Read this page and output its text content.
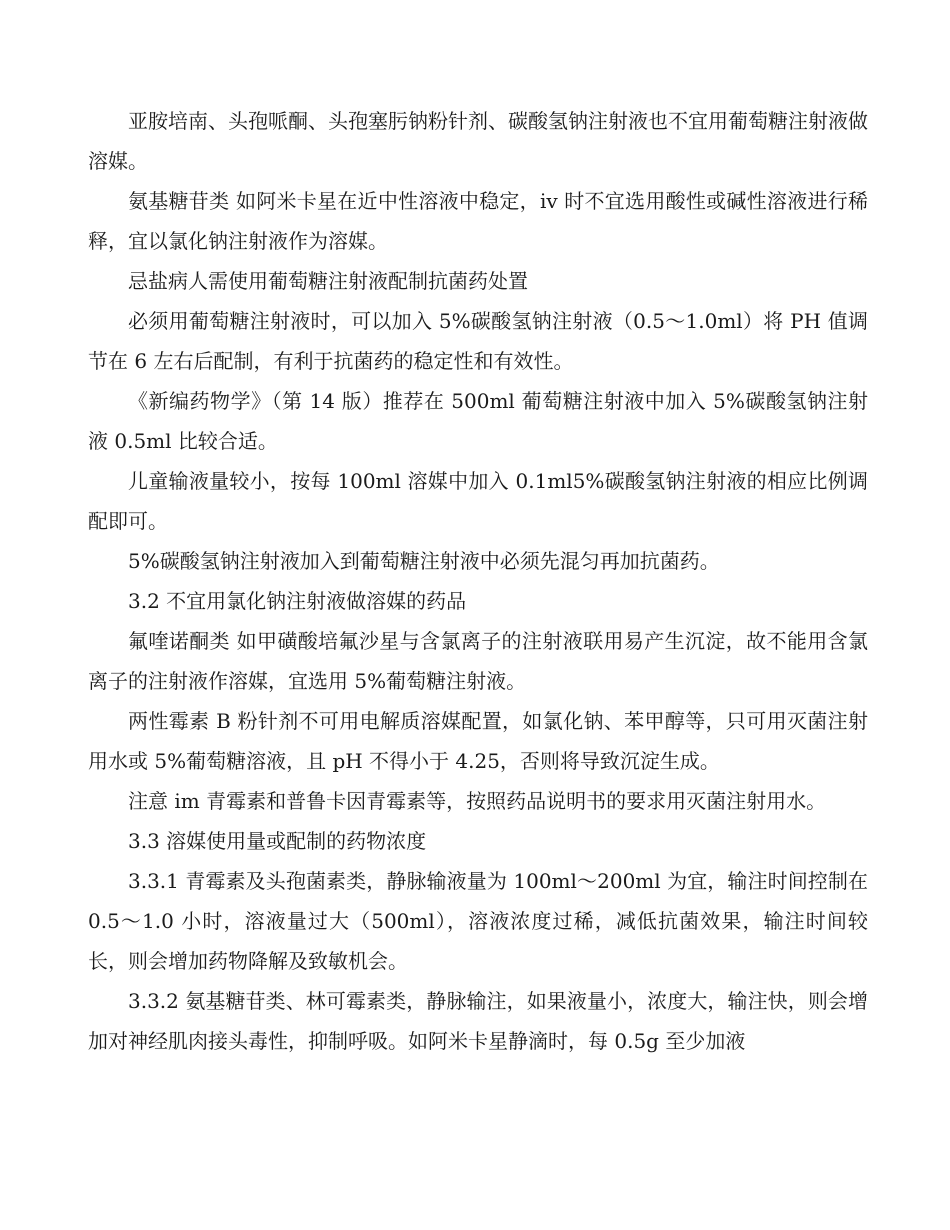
亚胺培南、头孢哌酮、头孢塞肟钠粉针剂、碳酸氢钠注射液也不宜用葡萄糖注射液做溶媒。

氨基糖苷类 如阿米卡星在近中性溶液中稳定，iv 时不宜选用酸性或碱性溶液进行稀释，宜以氯化钠注射液作为溶媒。

忌盐病人需使用葡萄糖注射液配制抗菌药处置

必须用葡萄糖注射液时，可以加入 5%碳酸氢钠注射液（0.5～1.0ml）将 PH 值调节在 6 左右后配制，有利于抗菌药的稳定性和有效性。

《新编药物学》（第 14 版）推荐在 500ml 葡萄糖注射液中加入 5%碳酸氢钠注射液 0.5ml 比较合适。

儿童输液量较小，按每 100ml 溶媒中加入 0.1ml5%碳酸氢钠注射液的相应比例调配即可。

5%碳酸氢钠注射液加入到葡萄糖注射液中必须先混匀再加抗菌药。

3.2 不宜用氯化钠注射液做溶媒的药品

氟喹诺酮类 如甲磺酸培氟沙星与含氯离子的注射液联用易产生沉淀，故不能用含氯离子的注射液作溶媒，宜选用 5%葡萄糖注射液。

两性霉素 B 粉针剂不可用电解质溶媒配置，如氯化钠、苯甲醇等，只可用灭菌注射用水或 5%葡萄糖溶液，且 pH 不得小于 4.25，否则将导致沉淀生成。

注意 im 青霉素和普鲁卡因青霉素等，按照药品说明书的要求用灭菌注射用水。

3.3 溶媒使用量或配制的药物浓度

3.3.1 青霉素及头孢菌素类，静脉输液量为 100ml～200ml 为宜，输注时间控制在 0.5～1.0 小时，溶液量过大（500ml），溶液浓度过稀，减低抗菌效果，输注时间较长，则会增加药物降解及致敏机会。

3.3.2 氨基糖苷类、林可霉素类，静脉输注，如果液量小，浓度大，输注快，则会增加对神经肌肉接头毒性，抑制呼吸。如阿米卡星静滴时，每 0.5g 至少加液
